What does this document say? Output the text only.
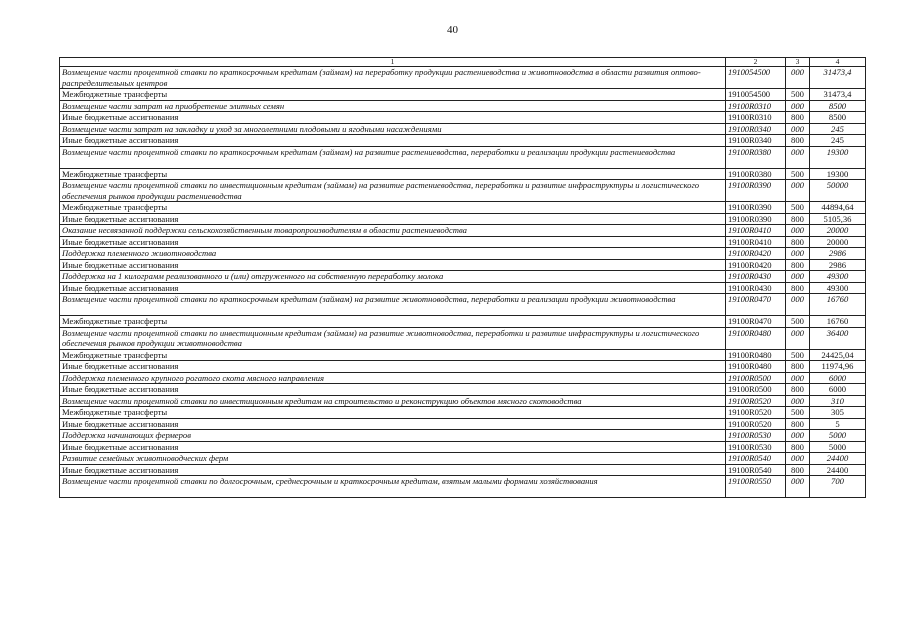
40
1	2	3	4
Возмещение части процентной ставки по краткосрочным кредитам (займам) на переработку продукции растениеводства и животноводства в области развития оптово-распределительных центров	1910054500	000	31473,4
Межбюджетные трансферты	1910054500	500	31473,4
Возмещение части затрат на приобретение элитных семян	19100R0310	000	8500
Иные бюджетные ассигнования	19100R0310	800	8500
Возмещение части затрат на закладку и уход за многолетними плодовыми и ягодными насаждениями	19100R0340	000	245
Иные бюджетные ассигнования	19100R0340	800	245
Возмещение части процентной ставки по краткосрочным кредитам (займам) на развитие растениеводства, переработки и реализации продукции растениеводства	19100R0380	000	19300
Межбюджетные трансферты	19100R0380	500	19300
Возмещение части процентной ставки по инвестиционным кредитам (займам) на развитие растениеводства, переработки и развитие инфраструктуры и логистического обеспечения рынков продукции растениеводства	19100R0390	000	50000
Межбюджетные трансферты	19100R0390	500	44894,64
Иные бюджетные ассигнования	19100R0390	800	5105,36
Оказание несвязанной поддержки сельскохозяйственным товаропроизводителям в области растениеводства	19100R0410	000	20000
Иные бюджетные ассигнования	19100R0410	800	20000
Поддержка племенного животноводства	19100R0420	000	2986
Иные бюджетные ассигнования	19100R0420	800	2986
Поддержка на 1 килограмм реализованного и (или) отгруженного на собственную переработку молока	19100R0430	000	49300
Иные бюджетные ассигнования	19100R0430	800	49300
Возмещение части процентной ставки по краткосрочным кредитам (займам) на развитие животноводства, переработки и реализации продукции животноводства	19100R0470	000	16760
Межбюджетные трансферты	19100R0470	500	16760
Возмещение части процентной ставки по инвестиционным кредитам (займам) на развитие животноводства, переработки и развитие инфраструктуры и логистического обеспечения рынков продукции животноводства	19100R0480	000	36400
Межбюджетные трансферты	19100R0480	500	24425,04
Иные бюджетные ассигнования	19100R0480	800	11974,96
Поддержка племенного крупного рогатого скота мясного направления	19100R0500	000	6000
Иные бюджетные ассигнования	19100R0500	800	6000
Возмещение части процентной ставки по инвестиционным кредитам на строительство и реконструкцию объектов мясного скотоводства	19100R0520	000	310
Межбюджетные трансферты	19100R0520	500	305
Иные бюджетные ассигнования	19100R0520	800	5
Поддержка начинающих фермеров	19100R0530	000	5000
Иные бюджетные ассигнования	19100R0530	800	5000
Развитие семейных животноводческих ферм	19100R0540	000	24400
Иные бюджетные ассигнования	19100R0540	800	24400
Возмещение части процентной ставки по долгосрочным, среднесрочным и краткосрочным кредитам, взятым малыми формами хозяйствования	19100R0550	000	700
